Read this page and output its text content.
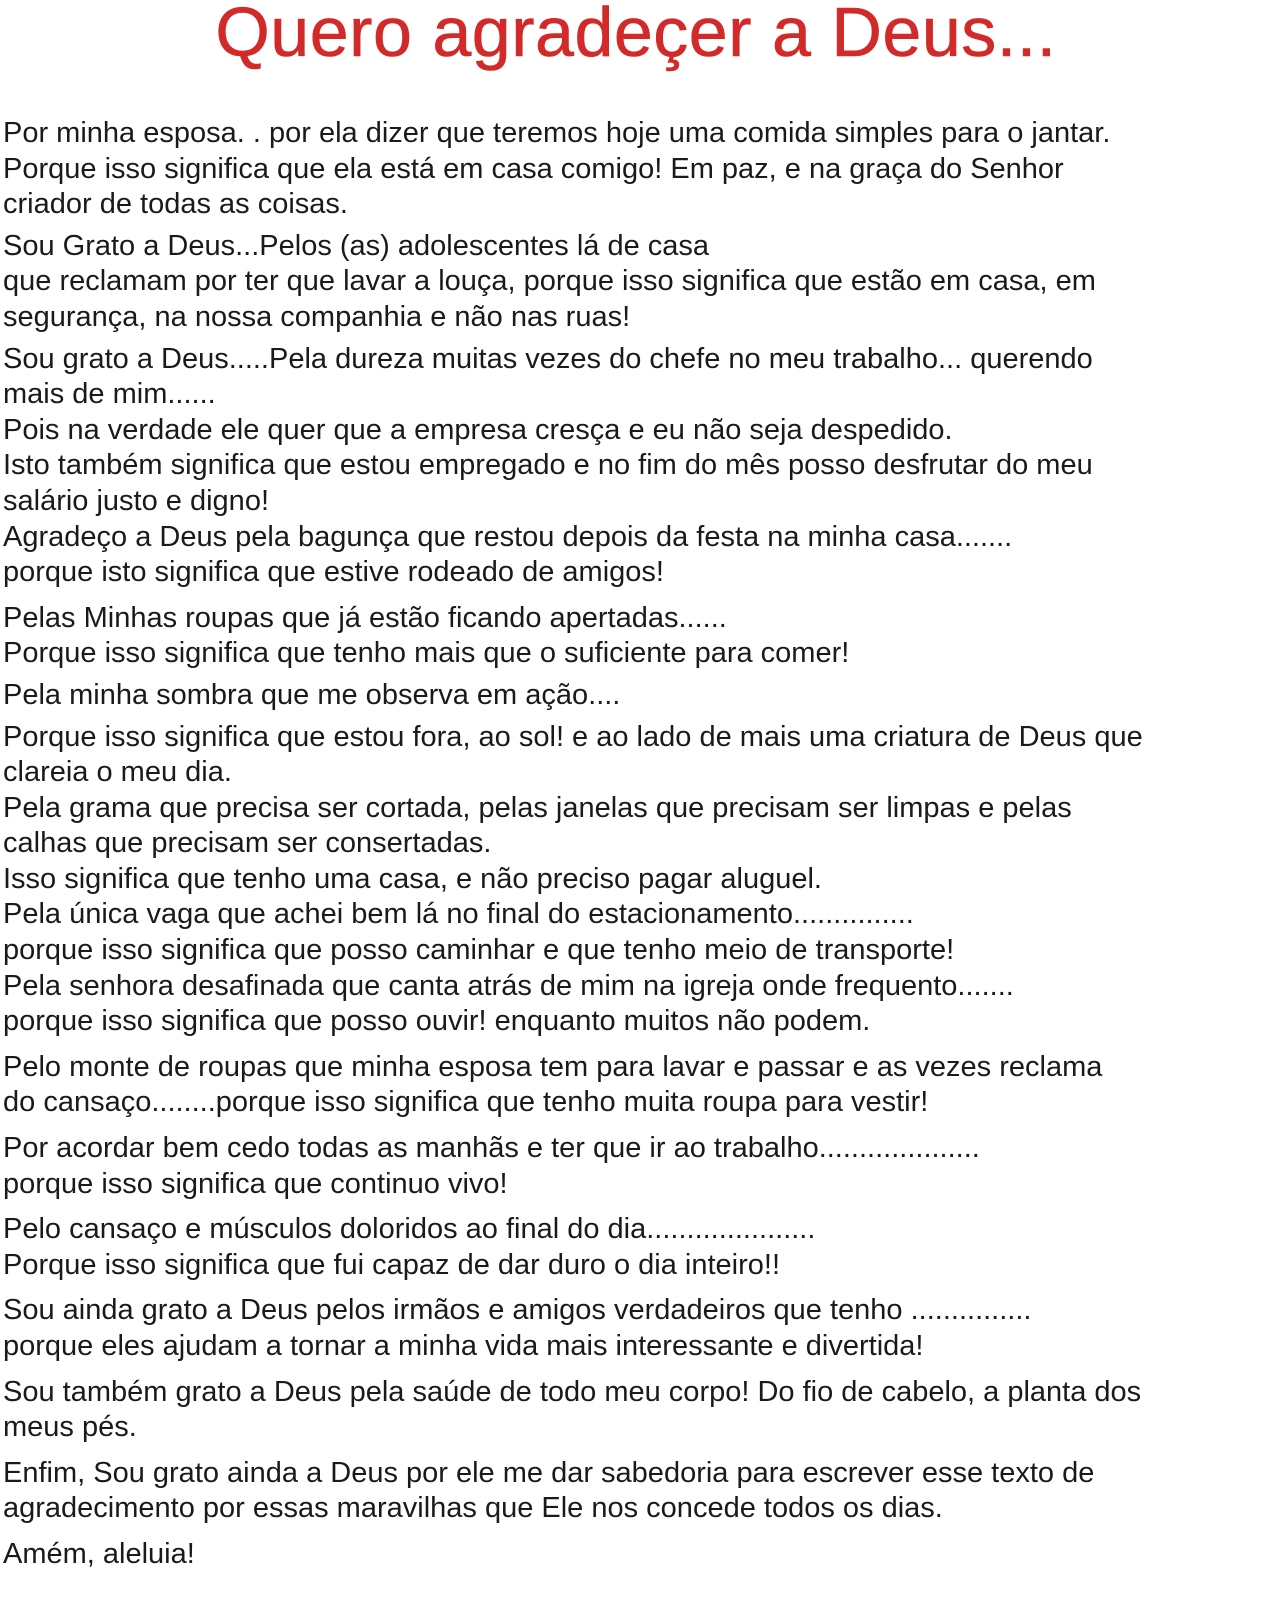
Quero agradeçer a Deus...

Por minha esposa. . por ela dizer que teremos hoje uma comida simples para o jantar.
Porque isso significa que ela está em casa comigo! Em paz, e na graça do Senhor
criador de todas as coisas.

Sou Grato a Deus...Pelos (as) adolescentes lá de casa
que reclamam por ter que lavar a louça, porque isso significa que estão em casa, em
segurança, na nossa companhia e não nas ruas!

Sou grato a Deus.....Pela dureza muitas vezes do chefe no meu trabalho... querendo
mais de mim......

Pois na verdade ele quer que a empresa cresça e eu não seja despedido.
Isto também significa que estou empregado e no fim do mês posso desfrutar do meu
salário justo e digno!

Agradeço a Deus pela bagunça que restou depois da festa na minha casa.......
porque isto significa que estive rodeado de amigos!

Pelas Minhas roupas que já estão ficando apertadas......
Porque isso significa que tenho mais que o suficiente para comer!

Pela minha sombra que me observa em ação....

Porque isso significa que estou fora, ao sol! e ao lado de mais uma criatura de Deus que
clareia o meu dia.

Pela grama que precisa ser cortada, pelas janelas que precisam ser limpas e pelas
calhas que precisam ser consertadas.
Isso significa que tenho uma casa, e não preciso pagar aluguel.
Pela única vaga que achei bem lá no final do estacionamento...............
porque isso significa que posso caminhar e que tenho meio de transporte!
Pela senhora desafinada que canta atrás de mim na igreja onde frequento.......
porque isso significa que posso ouvir! enquanto muitos não podem.

Pelo monte de roupas que minha esposa tem para lavar e passar e as vezes reclama
do cansaço........porque isso significa que tenho muita roupa para vestir!

Por acordar bem cedo todas as manhãs e ter que ir ao trabalho....................
porque isso significa que continuo vivo!

Pelo cansaço e músculos doloridos ao final do dia.....................
Porque isso significa que fui capaz de dar duro o dia inteiro!!

Sou ainda grato a Deus pelos irmãos e amigos verdadeiros que tenho ...............
porque eles ajudam a tornar a minha vida mais interessante e divertida!

Sou também grato a Deus pela saúde de todo meu corpo! Do fio de cabelo, a planta dos
meus pés.

Enfim, Sou grato ainda a Deus por ele me dar sabedoria para escrever esse texto de
agradecimento por essas maravilhas que Ele nos concede todos os dias.

Amém, aleluia!
